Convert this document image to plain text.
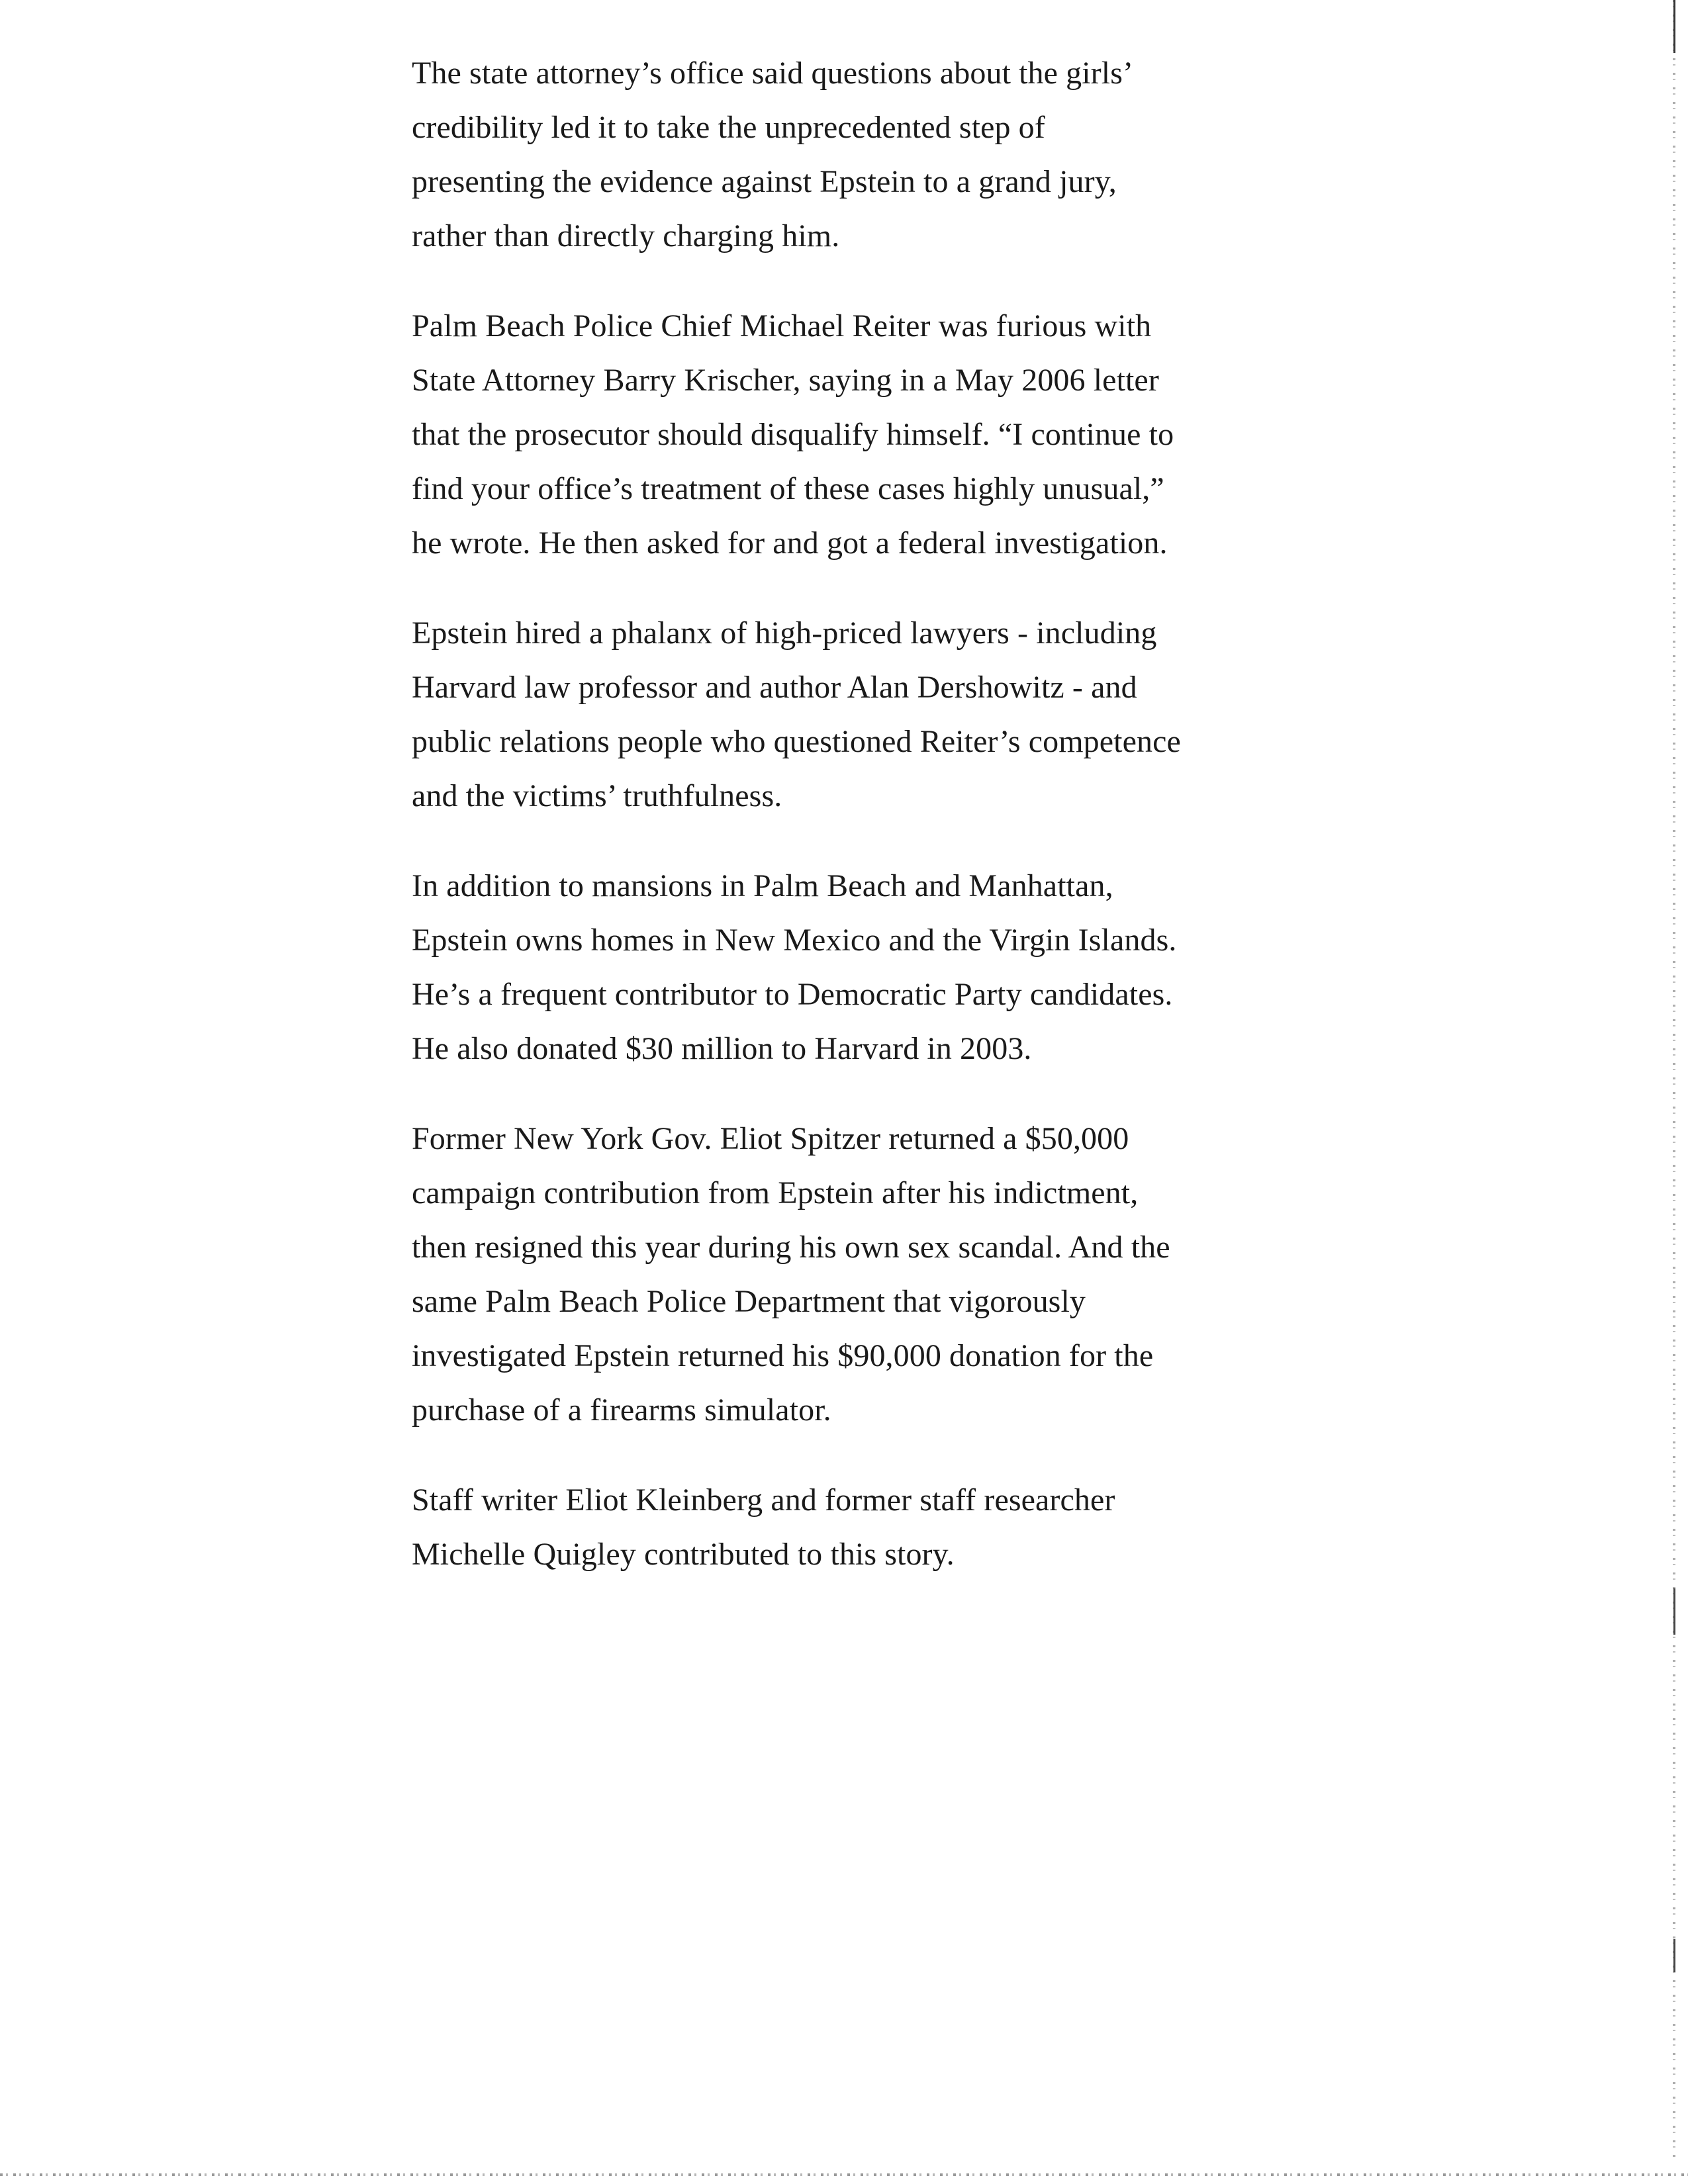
The state attorney’s office said questions about the girls’
credibility led it to take the unprecedented step of
presenting the evidence against Epstein to a grand jury,
rather than directly charging him.

Palm Beach Police Chief Michael Reiter was furious with
State Attorney Barry Krischer, saying in a May 2006 letter
that the prosecutor should disqualify himself. “I continue to
find your office’s treatment of these cases highly unusual,”
he wrote. He then asked for and got a federal investigation.

Epstein hired a phalanx of high-priced lawyers - including
Harvard law professor and author Alan Dershowitz - and
public relations people who questioned Reiter’s competence
and the victims’ truthfulness.

In addition to mansions in Palm Beach and Manhattan,
Epstein owns homes in New Mexico and the Virgin Islands.
He’s a frequent contributor to Democratic Party candidates.
He also donated $30 million to Harvard in 2003.

Former New York Gov. Eliot Spitzer returned a $50,000
campaign contribution from Epstein after his indictment,
then resigned this year during his own sex scandal. And the
same Palm Beach Police Department that vigorously
investigated Epstein returned his $90,000 donation for the
purchase of a firearms simulator.

Staff writer Eliot Kleinberg and former staff researcher
Michelle Quigley contributed to this story.
